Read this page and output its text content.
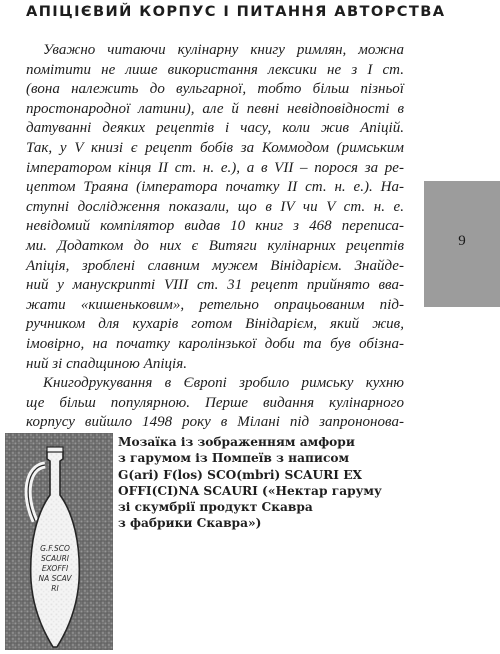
АПІЦІЄВИЙ КОРПУС І ПИТАННЯ АВТОРСТВА
9
Уважно читаючи кулінарну книгу римлян, можна
помітити не лише використання лексики не з І ст.
(вона належить до вульгарної, тобто більш пізньої
простонародної латини), але й певні невідповідності в
датуванні деяких рецептів і часу, коли жив Апіцій.
Так, у V книзі є рецепт бобів за Коммодом (римським
імператором кінця ІІ ст. н. е.), а в VІІ – порося за ре-
цептом Траяна (імператора початку ІІ ст. н. е.). На-
ступні дослідження показали, що в IV чи V ст. н. е.
невідомий компілятор видав 10 книг з 468 переписа-
ми. Додатком до них є Витяги кулінарних рецептів
Апіція, зроблені славним мужем Вінідарієм. Знайде-
ний у манускрипті VIII ст. 31 рецепт прийнято вва-
жати «кишеньковим», ретельно опрацьованим під-
ручником для кухарів готом Вінідарієм, який жив,
імовірно, на початку каролінзької доби та був обізна-
ний зі спадщиною Апіція.
Книгодрукування в Європі зробило римську кухню
ще більш популярною. Перше видання кулінарного
корпусу вийшло 1498 року в Мілані під запрононова-
G.F.SCO
SCAURI
EXOFFI
NA SCAV
RI
Мозаїка із зображенням амфори
з гарумом із Помпеїв з написом
G(ari) F(los) SCO(mbri) SCAURI EX
OFFI(CI)NA SCAURI («Нектар гаруму
зі скумбрії продукт Скавра
з фабрики Скавра»)
